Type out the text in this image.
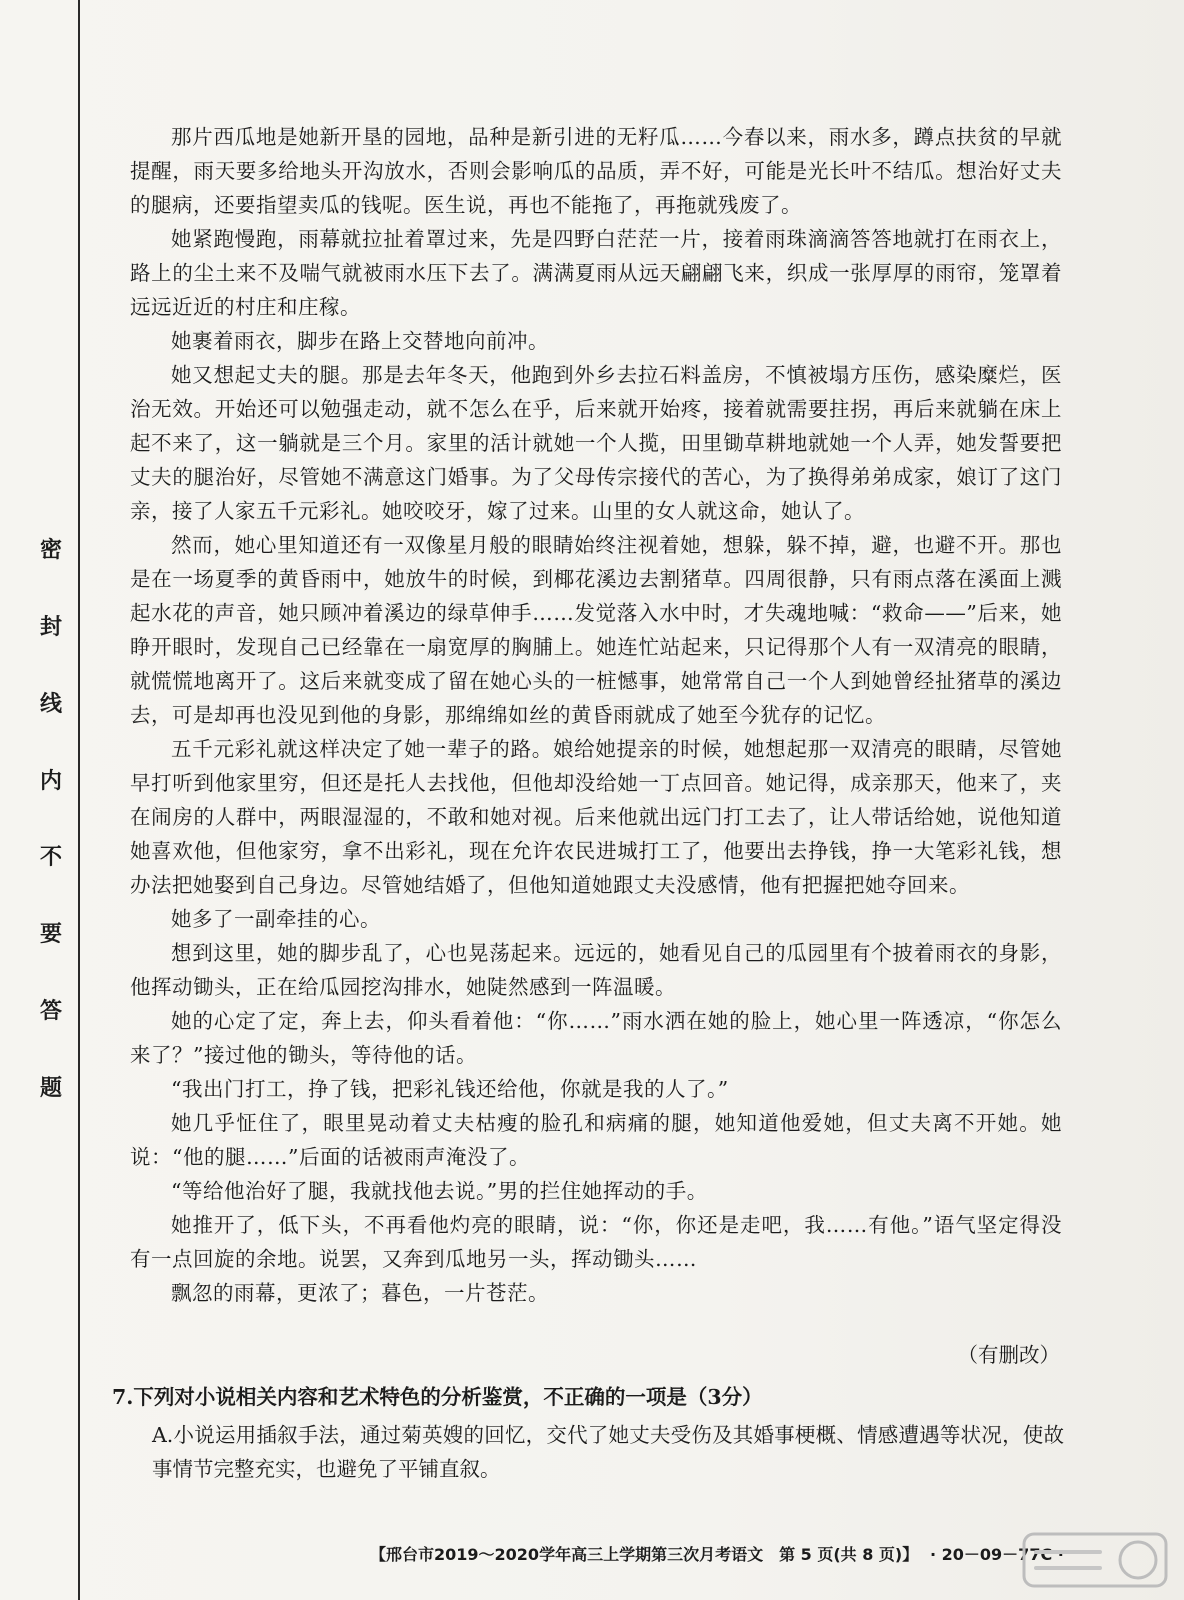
密
封
线
内
不
要
答
题

那片西瓜地是她新开垦的园地，品种是新引进的无籽瓜……今春以来，雨水多，蹲点扶贫的早就提醒，雨天要多给地头开沟放水，否则会影响瓜的品质，弄不好，可能是光长叶不结瓜。想治好丈夫的腿病，还要指望卖瓜的钱呢。医生说，再也不能拖了，再拖就残废了。

她紧跑慢跑，雨幕就拉扯着罩过来，先是四野白茫茫一片，接着雨珠滴滴答答地就打在雨衣上，路上的尘土来不及喘气就被雨水压下去了。满满夏雨从远天翩翩飞来，织成一张厚厚的雨帘，笼罩着远远近近的村庄和庄稼。

她裹着雨衣，脚步在路上交替地向前冲。

她又想起丈夫的腿。那是去年冬天，他跑到外乡去拉石料盖房，不慎被塌方压伤，感染糜烂，医治无效。开始还可以勉强走动，就不怎么在乎，后来就开始疼，接着就需要拄拐，再后来就躺在床上起不来了，这一躺就是三个月。家里的活计就她一个人揽，田里锄草耕地就她一个人弄，她发誓要把丈夫的腿治好，尽管她不满意这门婚事。为了父母传宗接代的苦心，为了换得弟弟成家，娘订了这门亲，接了人家五千元彩礼。她咬咬牙，嫁了过来。山里的女人就这命，她认了。

然而，她心里知道还有一双像星月般的眼睛始终注视着她，想躲，躲不掉，避，也避不开。那也是在一场夏季的黄昏雨中，她放牛的时候，到椰花溪边去割猪草。四周很静，只有雨点落在溪面上溅起水花的声音，她只顾冲着溪边的绿草伸手……发觉落入水中时，才失魂地喊：“救命——”后来，她睁开眼时，发现自己已经靠在一扇宽厚的胸脯上。她连忙站起来，只记得那个人有一双清亮的眼睛，就慌慌地离开了。这后来就变成了留在她心头的一桩憾事，她常常自己一个人到她曾经扯猪草的溪边去，可是却再也没见到他的身影，那绵绵如丝的黄昏雨就成了她至今犹存的记忆。

五千元彩礼就这样决定了她一辈子的路。娘给她提亲的时候，她想起那一双清亮的眼睛，尽管她早打听到他家里穷，但还是托人去找他，但他却没给她一丁点回音。她记得，成亲那天，他来了，夹在闹房的人群中，两眼湿湿的，不敢和她对视。后来他就出远门打工去了，让人带话给她，说他知道她喜欢他，但他家穷，拿不出彩礼，现在允许农民进城打工了，他要出去挣钱，挣一大笔彩礼钱，想办法把她娶到自己身边。尽管她结婚了，但他知道她跟丈夫没感情，他有把握把她夺回来。

她多了一副牵挂的心。

想到这里，她的脚步乱了，心也晃荡起来。远远的，她看见自己的瓜园里有个披着雨衣的身影，他挥动锄头，正在给瓜园挖沟排水，她陡然感到一阵温暖。

她的心定了定，奔上去，仰头看着他：“你……”雨水洒在她的脸上，她心里一阵透凉，“你怎么来了？”接过他的锄头，等待他的话。

“我出门打工，挣了钱，把彩礼钱还给他，你就是我的人了。”

她几乎怔住了，眼里晃动着丈夫枯瘦的脸孔和病痛的腿，她知道他爱她，但丈夫离不开她。她说：“他的腿……”后面的话被雨声淹没了。

“等给他治好了腿，我就找他去说。”男的拦住她挥动的手。

她推开了，低下头，不再看他灼亮的眼睛，说：“你，你还是走吧，我……有他。”语气坚定得没有一点回旋的余地。说罢，又奔到瓜地另一头，挥动锄头……

飘忽的雨幕，更浓了；暮色，一片苍茫。

（有删改）

7.下列对小说相关内容和艺术特色的分析鉴赏，不正确的一项是（3分）

A.小说运用插叙手法，通过菊英嫂的回忆，交代了她丈夫受伤及其婚事梗概、情感遭遇等状况，使故事情节完整充实，也避免了平铺直叙。

【邢台市2019～2020学年高三上学期第三次月考语文　第 5 页(共 8 页)】 · 20－09－77C ·
